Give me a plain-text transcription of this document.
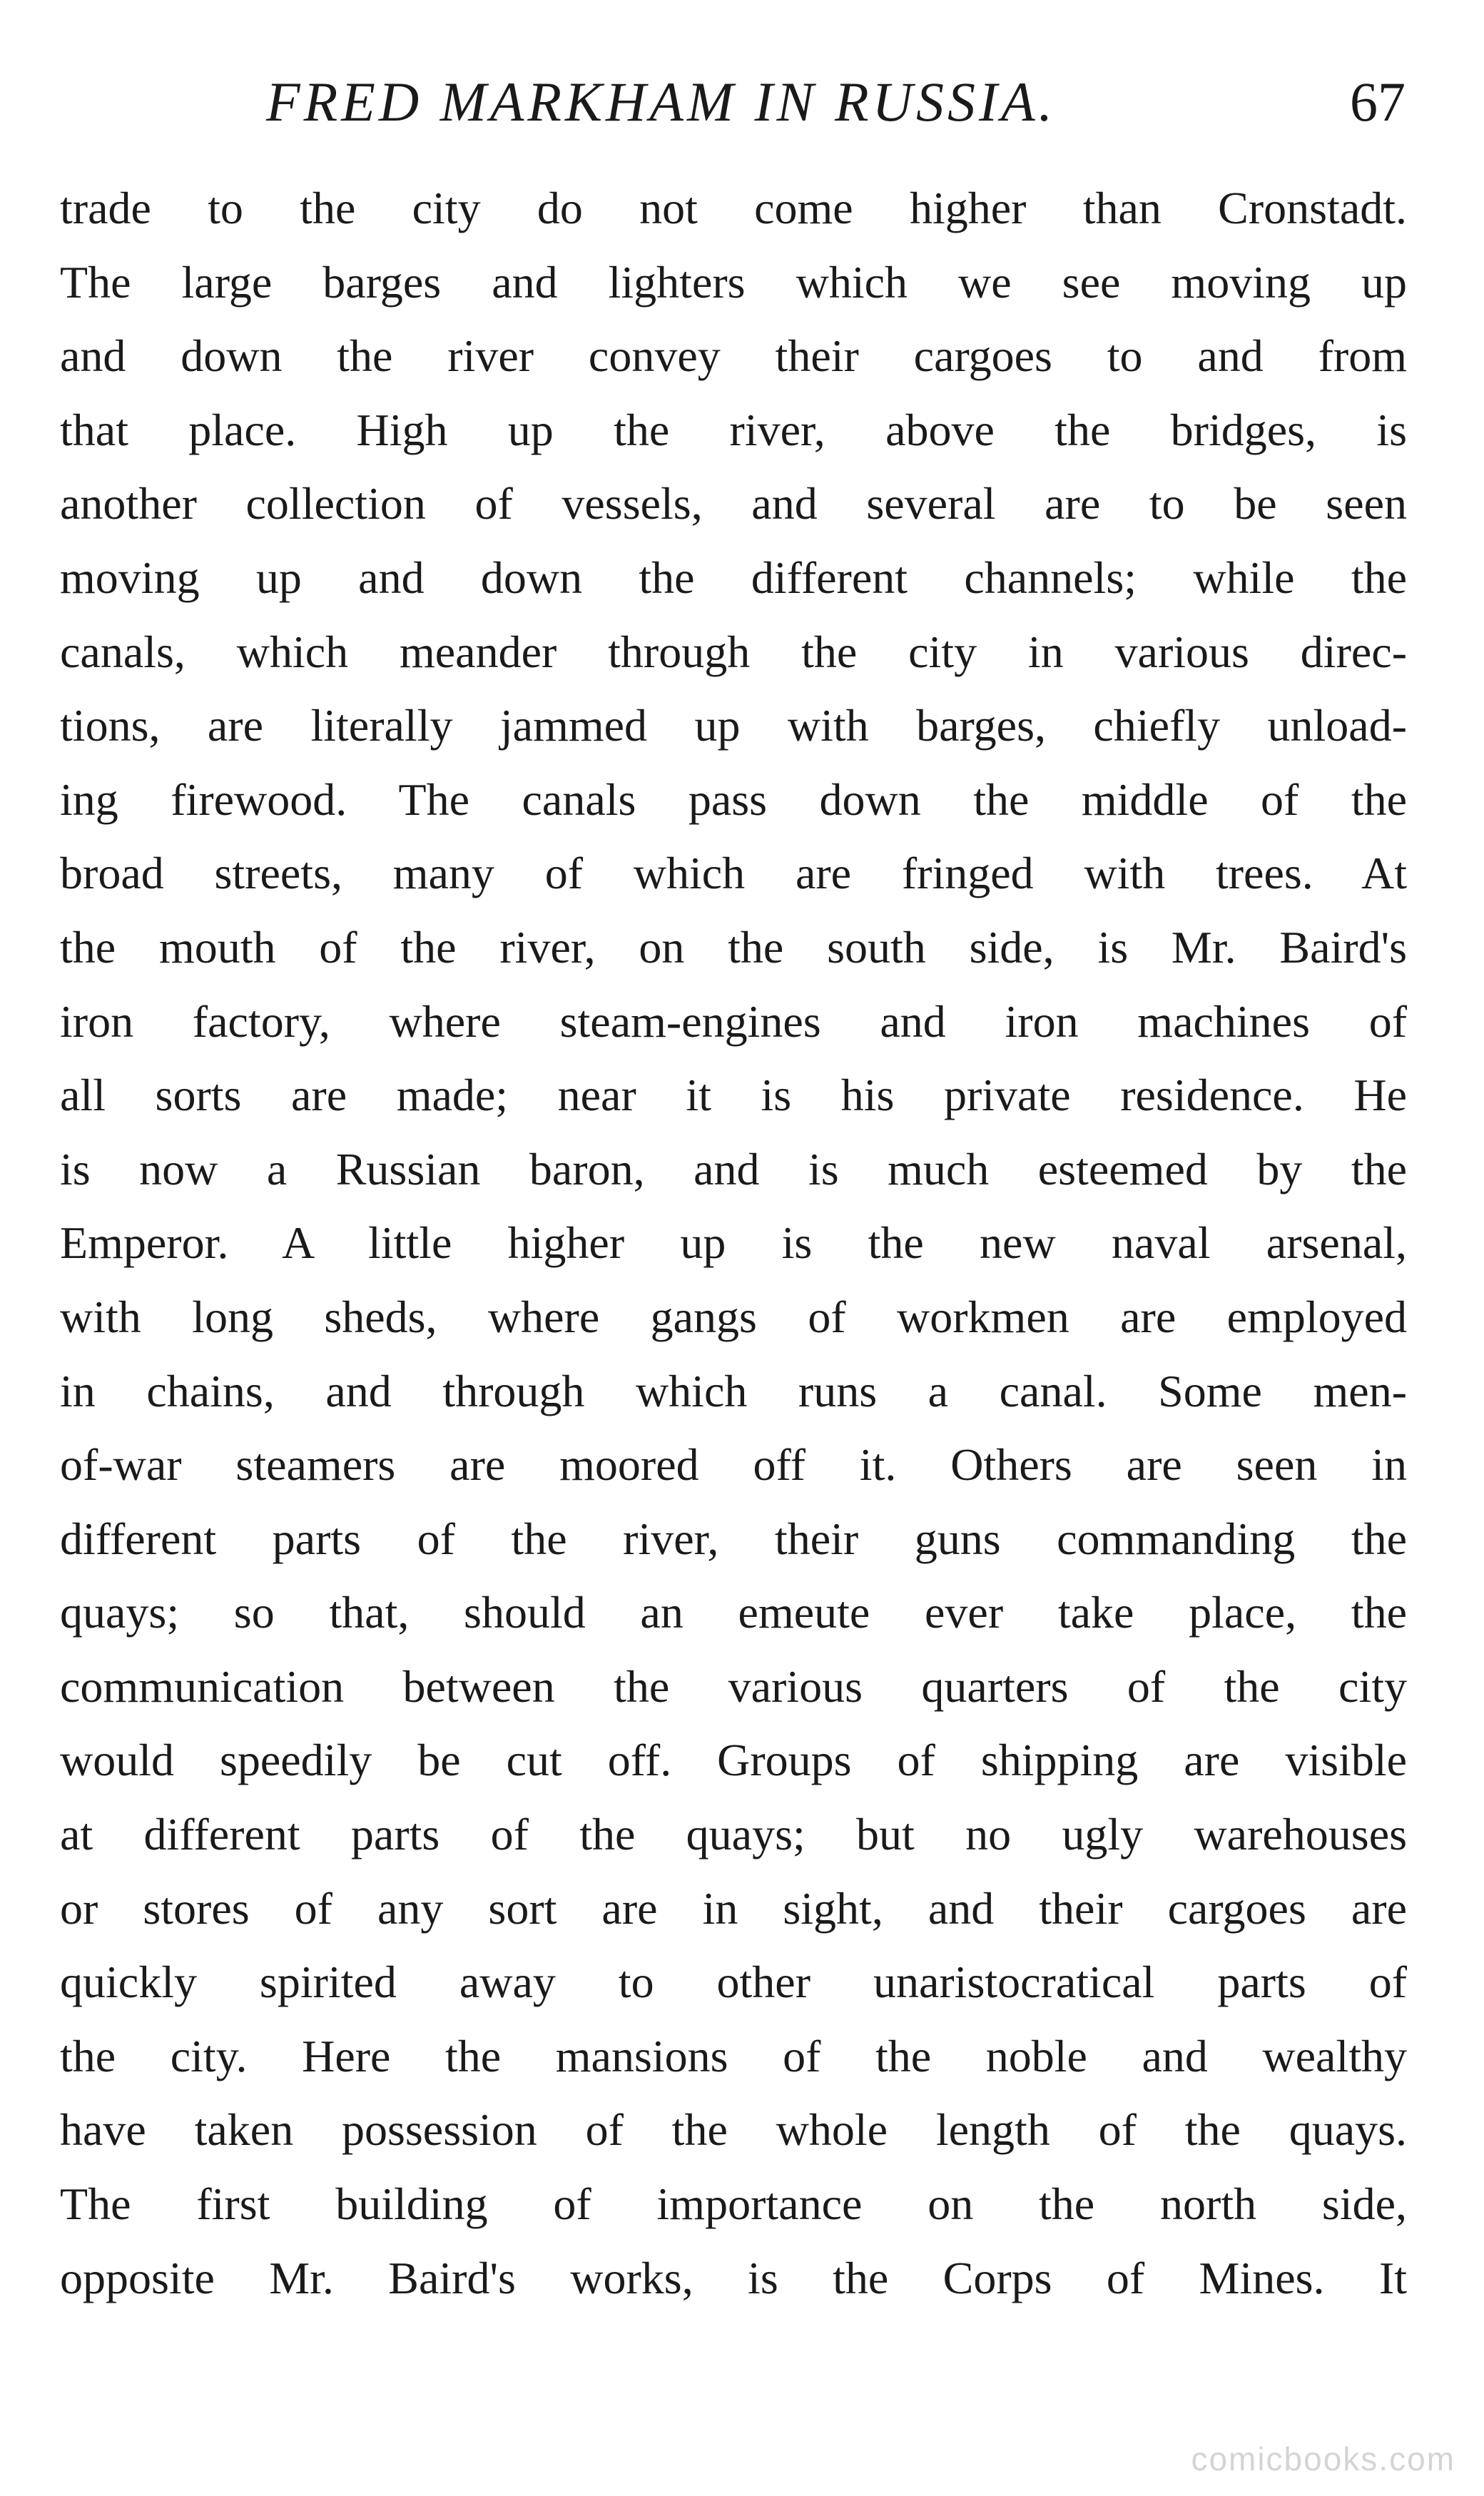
FRED MARKHAM IN RUSSIA.	67
trade to the city do not come higher than Cronstadt.
The large barges and lighters which we see moving up
and down the river convey their cargoes to and from
that place. High up the river, above the bridges, is
another collection of vessels, and several are to be seen
moving up and down the different channels; while the
canals, which meander through the city in various direc-
tions, are literally jammed up with barges, chiefly unload-
ing firewood. The canals pass down the middle of the
broad streets, many of which are fringed with trees. At
the mouth of the river, on the south side, is Mr. Baird's
iron factory, where steam-engines and iron machines of
all sorts are made; near it is his private residence. He
is now a Russian baron, and is much esteemed by the
Emperor. A little higher up is the new naval arsenal,
with long sheds, where gangs of workmen are employed
in chains, and through which runs a canal. Some men-
of-war steamers are moored off it. Others are seen in
different parts of the river, their guns commanding the
quays; so that, should an emeute ever take place, the
communication between the various quarters of the city
would speedily be cut off. Groups of shipping are visible
at different parts of the quays; but no ugly warehouses
or stores of any sort are in sight, and their cargoes are
quickly spirited away to other unaristocratical parts of
the city. Here the mansions of the noble and wealthy
have taken possession of the whole length of the quays.
The first building of importance on the north side,
opposite Mr. Baird's works, is the Corps of Mines. It
comicbooks.com
